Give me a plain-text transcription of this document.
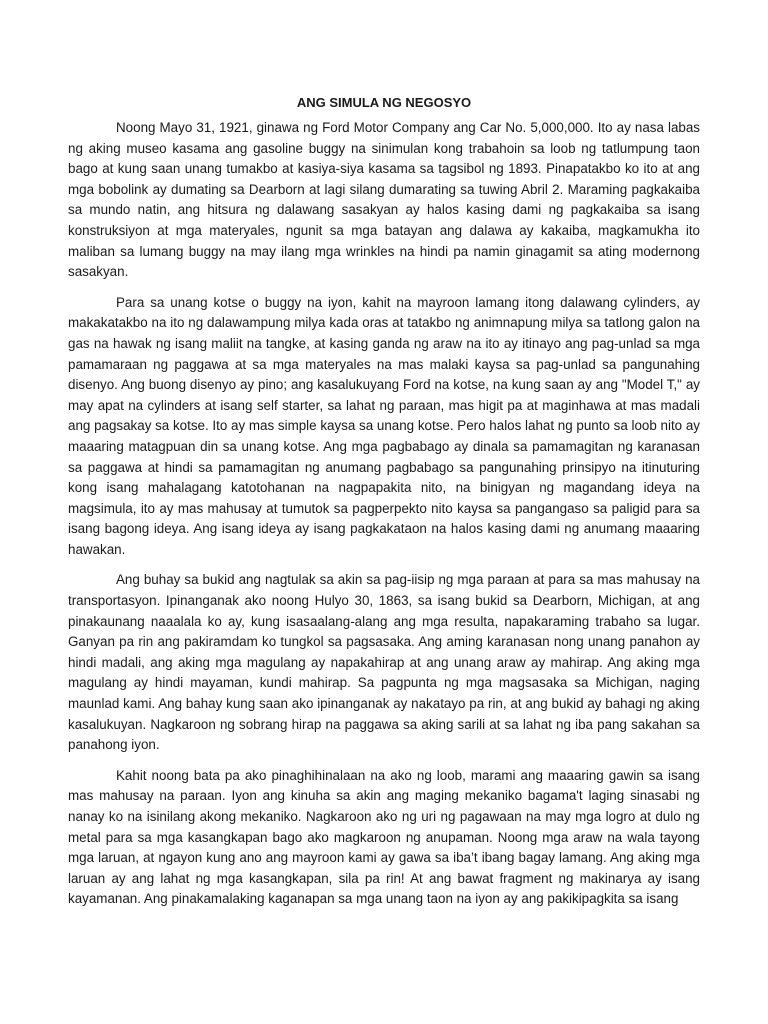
ANG SIMULA NG NEGOSYO

Noong Mayo 31, 1921, ginawa ng Ford Motor Company ang Car No. 5,000,000. Ito ay nasa labas ng aking museo kasama ang gasoline buggy na sinimulan kong trabahoin sa loob ng tatlumpung taon bago at kung saan unang tumakbo at kasiya-siya kasama sa tagsibol ng 1893. Pinapatakbo ko ito at ang mga bobolink ay dumating sa Dearborn at lagi silang dumarating sa tuwing Abril 2. Maraming pagkakaiba sa mundo natin, ang hitsura ng dalawang sasakyan ay halos kasing dami ng pagkakaiba sa isang konstruksiyon at mga materyales, ngunit sa mga batayan ang dalawa ay kakaiba, magkamukha ito maliban sa lumang buggy na may ilang mga wrinkles na hindi pa namin ginagamit sa ating modernong sasakyan.

Para sa unang kotse o buggy na iyon, kahit na mayroon lamang itong dalawang cylinders, ay makakatakbo na ito ng dalawampung milya kada oras at tatakbo ng animnapung milya sa tatlong galon na gas na hawak ng isang maliit na tangke, at kasing ganda ng araw na ito ay itinayo ang pag-unlad sa mga pamamaraan ng paggawa at sa mga materyales na mas malaki kaysa sa pag-unlad sa pangunahing disenyo. Ang buong disenyo ay pino; ang kasalukuyang Ford na kotse, na kung saan ay ang "Model T," ay may apat na cylinders at isang self starter, sa lahat ng paraan, mas higit pa at maginhawa at mas madali ang pagsakay sa kotse. Ito ay mas simple kaysa sa unang kotse. Pero halos lahat ng punto sa loob nito ay maaaring matagpuan din sa unang kotse. Ang mga pagbabago ay dinala sa pamamagitan ng karanasan sa paggawa at hindi sa pamamagitan ng anumang pagbabago sa pangunahing prinsipyo na itinuturing kong isang mahalagang katotohanan na nagpapakita nito, na binigyan ng magandang ideya na magsimula, ito ay mas mahusay at tumutok sa pagperpekto nito kaysa sa pangangaso sa paligid para sa isang bagong ideya. Ang isang ideya ay isang pagkakataon na halos kasing dami ng anumang maaaring hawakan.

Ang buhay sa bukid ang nagtulak sa akin sa pag-iisip ng mga paraan at para sa mas mahusay na transportasyon. Ipinanganak ako noong Hulyo 30, 1863, sa isang bukid sa Dearborn, Michigan, at ang pinakaunang naaalala ko ay, kung isasaalang-alang ang mga resulta, napakaraming trabaho sa lugar. Ganyan pa rin ang pakiramdam ko tungkol sa pagsasaka. Ang aming karanasan nong unang panahon ay hindi madali, ang aking mga magulang ay napakahirap at ang unang araw ay mahirap. Ang aking mga magulang ay hindi mayaman, kundi mahirap. Sa pagpunta ng mga magsasaka sa Michigan, naging maunlad kami. Ang bahay kung saan ako ipinanganak ay nakatayo pa rin, at ang bukid ay bahagi ng aking kasalukuyan. Nagkaroon ng sobrang hirap na paggawa sa aking sarili at sa lahat ng iba pang sakahan sa panahong iyon.

Kahit noong bata pa ako pinaghihinalaan na ako ng loob, marami ang maaaring gawin sa isang mas mahusay na paraan. Iyon ang kinuha sa akin ang maging mekaniko bagama't laging sinasabi ng nanay ko na isinilang akong mekaniko. Nagkaroon ako ng uri ng pagawaan na may mga logro at dulo ng metal para sa mga kasangkapan bago ako magkaroon ng anupaman. Noong mga araw na wala tayong mga laruan, at ngayon kung ano ang mayroon kami ay gawa sa iba’t ibang bagay lamang. Ang aking mga laruan ay ang lahat ng mga kasangkapan, sila pa rin! At ang bawat fragment ng makinarya ay isang kayamanan. Ang pinakamalaking kaganapan sa mga unang taon na iyon ay ang pakikipagkita sa isang
